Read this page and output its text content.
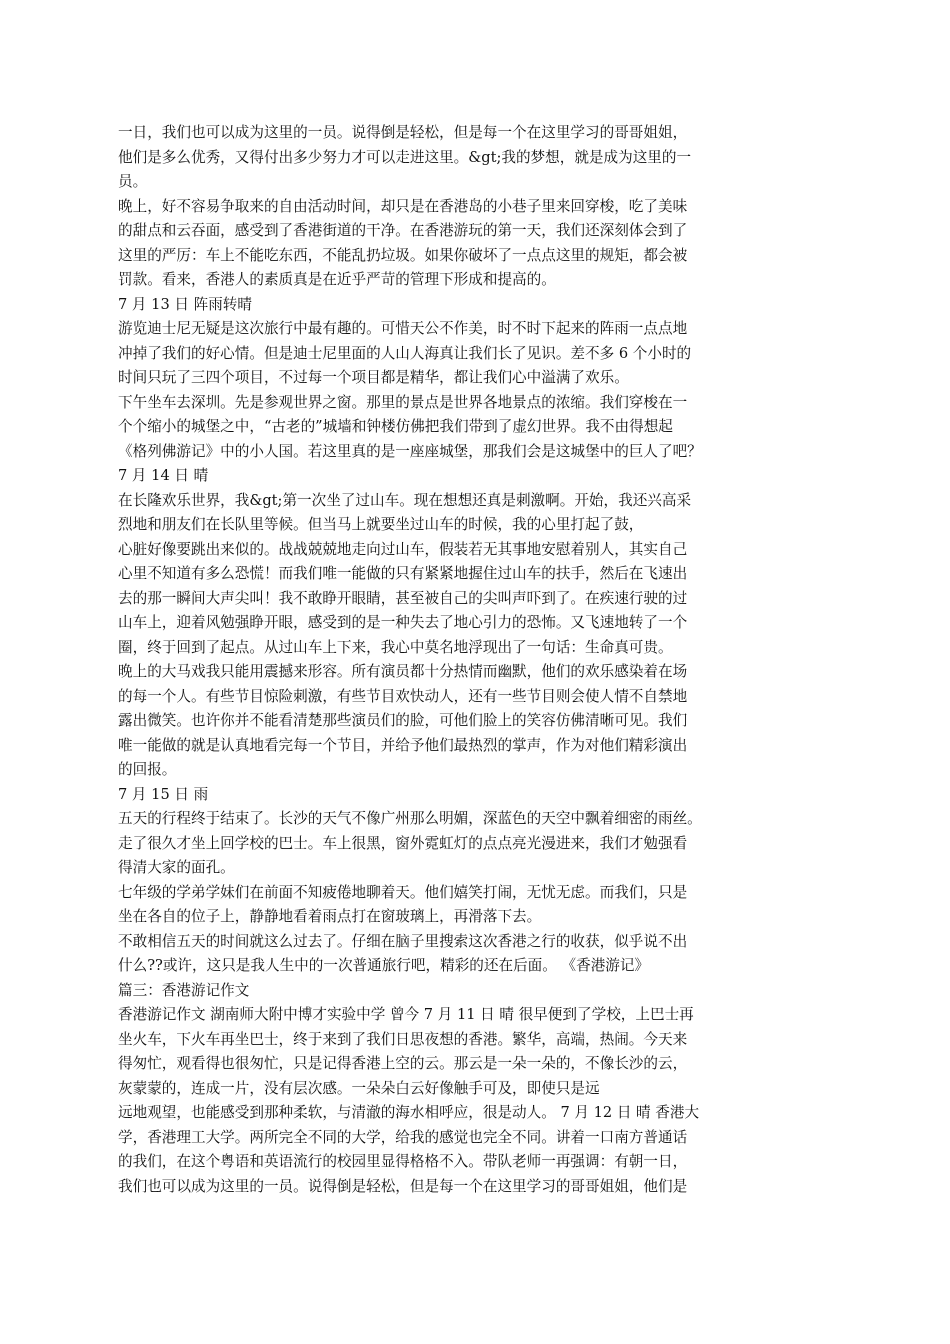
一日，我们也可以成为这里的一员。说得倒是轻松，但是每一个在这里学习的哥哥姐姐，
他们是多么优秀，又得付出多少努力才可以走进这里。&gt;我的梦想，就是成为这里的一
员。
晚上，好不容易争取来的自由活动时间，却只是在香港岛的小巷子里来回穿梭，吃了美味
的甜点和云吞面，感受到了香港街道的干净。在香港游玩的第一天，我们还深刻体会到了
这里的严厉：车上不能吃东西，不能乱扔垃圾。如果你破坏了一点点这里的规矩，都会被
罚款。看来，香港人的素质真是在近乎严苛的管理下形成和提高的。
7 月 13 日 阵雨转晴
游览迪士尼无疑是这次旅行中最有趣的。可惜天公不作美，时不时下起来的阵雨一点点地
冲掉了我们的好心情。但是迪士尼里面的人山人海真让我们长了见识。差不多 6 个小时的
时间只玩了三四个项目，不过每一个项目都是精华，都让我们心中溢满了欢乐。
下午坐车去深圳。先是参观世界之窗。那里的景点是世界各地景点的浓缩。我们穿梭在一
个个缩小的城堡之中，“古老的”城墙和钟楼仿佛把我们带到了虚幻世界。我不由得想起
《格列佛游记》中的小人国。若这里真的是一座座城堡，那我们会是这城堡中的巨人了吧？
7 月 14 日 晴
在长隆欢乐世界，我&gt;第一次坐了过山车。现在想想还真是刺激啊。开始，我还兴高采
烈地和朋友们在长队里等候。但当马上就要坐过山车的时候，我的心里打起了鼓，
心脏好像要跳出来似的。战战兢兢地走向过山车，假装若无其事地安慰着别人，其实自己
心里不知道有多么恐慌！而我们唯一能做的只有紧紧地握住过山车的扶手，然后在飞速出
去的那一瞬间大声尖叫！我不敢睁开眼睛，甚至被自己的尖叫声吓到了。在疾速行驶的过
山车上，迎着风勉强睁开眼，感受到的是一种失去了地心引力的恐怖。又飞速地转了一个
圈，终于回到了起点。从过山车上下来，我心中莫名地浮现出了一句话：生命真可贵。
晚上的大马戏我只能用震撼来形容。所有演员都十分热情而幽默，他们的欢乐感染着在场
的每一个人。有些节目惊险刺激，有些节目欢快动人，还有一些节目则会使人情不自禁地
露出微笑。也许你并不能看清楚那些演员们的脸，可他们脸上的笑容仿佛清晰可见。我们
唯一能做的就是认真地看完每一个节目，并给予他们最热烈的掌声，作为对他们精彩演出
的回报。
7 月 15 日 雨
五天的行程终于结束了。长沙的天气不像广州那么明媚，深蓝色的天空中飘着细密的雨丝。
走了很久才坐上回学校的巴士。车上很黑，窗外霓虹灯的点点亮光漫进来，我们才勉强看
得清大家的面孔。
七年级的学弟学妹们在前面不知疲倦地聊着天。他们嬉笑打闹，无忧无虑。而我们，只是
坐在各自的位子上，静静地看着雨点打在窗玻璃上，再滑落下去。
不敢相信五天的时间就这么过去了。仔细在脑子里搜索这次香港之行的收获，似乎说不出
什么??或许，这只是我人生中的一次普通旅行吧，精彩的还在后面。 《香港游记》
篇三：香港游记作文
香港游记作文 湖南师大附中博才实验中学 曾今 7 月 11 日 晴 很早便到了学校，上巴士再
坐火车，下火车再坐巴士，终于来到了我们日思夜想的香港。繁华，高端，热闹。今天来
得匆忙，观看得也很匆忙，只是记得香港上空的云。那云是一朵一朵的，不像长沙的云，
灰蒙蒙的，连成一片，没有层次感。一朵朵白云好像触手可及，即使只是远
远地观望，也能感受到那种柔软，与清澈的海水相呼应，很是动人。 7 月 12 日 晴 香港大
学，香港理工大学。两所完全不同的大学，给我的感觉也完全不同。讲着一口南方普通话
的我们，在这个粤语和英语流行的校园里显得格格不入。带队老师一再强调：有朝一日，
我们也可以成为这里的一员。说得倒是轻松，但是每一个在这里学习的哥哥姐姐，他们是
